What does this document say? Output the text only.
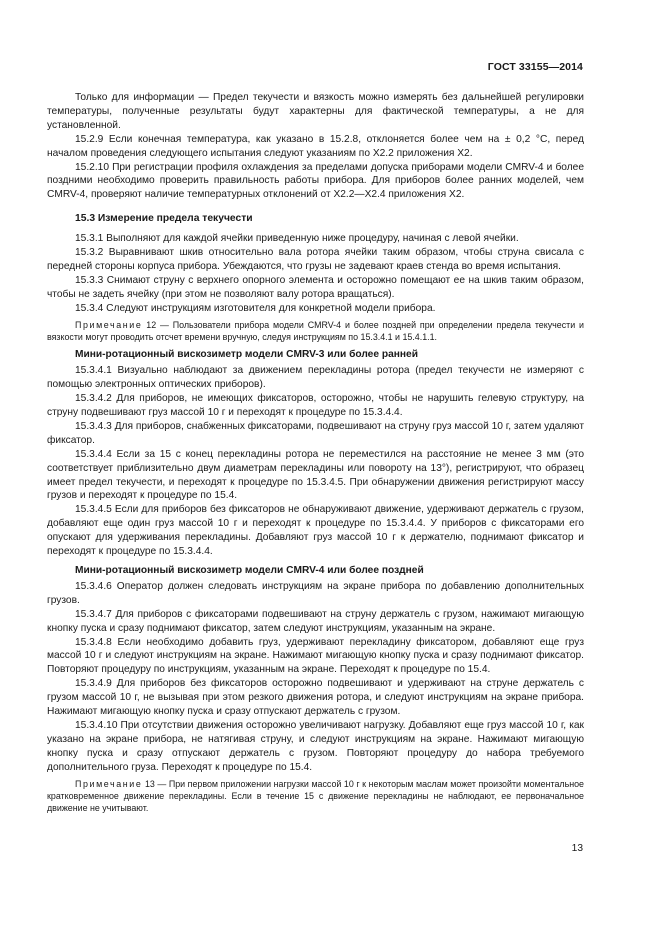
ГОСТ 33155—2014

Только для информации — Предел текучести и вязкость можно измерять без дальнейшей регулировки температуры, полученные результаты будут характерны для фактической температуры, а не для установленной.

15.2.9 Если конечная температура, как указано в 15.2.8, отклоняется более чем на ± 0,2 °С, перед началом проведения следующего испытания следуют указаниям по Х2.2 приложения Х2.

15.2.10 При регистрации профиля охлаждения за пределами допуска приборами модели CMRV-4 и более поздними необходимо проверить правильность работы прибора. Для приборов более ранних моделей, чем CMRV-4, проверяют наличие температурных отклонений от Х2.2—Х2.4 приложения Х2.

15.3 Измерение предела текучести

15.3.1 Выполняют для каждой ячейки приведенную ниже процедуру, начиная с левой ячейки.

15.3.2 Выравнивают шкив относительно вала ротора ячейки таким образом, чтобы струна свисала с передней стороны корпуса прибора. Убеждаются, что грузы не задевают краев стенда во время испытания.

15.3.3 Снимают струну с верхнего опорного элемента и осторожно помещают ее на шкив таким образом, чтобы не задеть ячейку (при этом не позволяют валу ротора вращаться).

15.3.4 Следуют инструкциям изготовителя для конкретной модели прибора.

Примечание 12 — Пользователи прибора модели CMRV-4 и более поздней при определении предела текучести и вязкости могут проводить отсчет времени вручную, следуя инструкциям по 15.3.4.1 и 15.4.1.1.

Мини-ротационный вискозиметр модели CMRV-3 или более ранней

15.3.4.1 Визуально наблюдают за движением перекладины ротора (предел текучести не измеряют с помощью электронных оптических приборов).

15.3.4.2 Для приборов, не имеющих фиксаторов, осторожно, чтобы не нарушить гелевую структуру, на струну подвешивают груз массой 10 г и переходят к процедуре по 15.3.4.4.

15.3.4.3 Для приборов, снабженных фиксаторами, подвешивают на струну груз массой 10 г, затем удаляют фиксатор.

15.3.4.4 Если за 15 с конец перекладины ротора не переместился на расстояние не менее 3 мм (это соответствует приблизительно двум диаметрам перекладины или повороту на 13°), регистрируют, что образец имеет предел текучести, и переходят к процедуре по 15.3.4.5. При обнаружении движения регистрируют массу грузов и переходят к процедуре по 15.4.

15.3.4.5 Если для приборов без фиксаторов не обнаруживают движение, удерживают держатель с грузом, добавляют еще один груз массой 10 г и переходят к процедуре по 15.3.4.4. У приборов с фиксаторами его опускают для удерживания перекладины. Добавляют груз массой 10 г к держателю, поднимают фиксатор и переходят к процедуре по 15.3.4.4.

Мини-ротационный вискозиметр модели CMRV-4 или более поздней

15.3.4.6 Оператор должен следовать инструкциям на экране прибора по добавлению дополнительных грузов.

15.3.4.7 Для приборов с фиксаторами подвешивают на струну держатель с грузом, нажимают мигающую кнопку пуска и сразу поднимают фиксатор, затем следуют инструкциям, указанным на экране.

15.3.4.8 Если необходимо добавить груз, удерживают перекладину фиксатором, добавляют еще груз массой 10 г и следуют инструкциям на экране. Нажимают мигающую кнопку пуска и сразу поднимают фиксатор. Повторяют процедуру по инструкциям, указанным на экране. Переходят к процедуре по 15.4.

15.3.4.9 Для приборов без фиксаторов осторожно подвешивают и удерживают на струне держатель с грузом массой 10 г, не вызывая при этом резкого движения ротора, и следуют инструкциям на экране прибора. Нажимают мигающую кнопку пуска и сразу отпускают держатель с грузом.

15.3.4.10 При отсутствии движения осторожно увеличивают нагрузку. Добавляют еще груз массой 10 г, как указано на экране прибора, не натягивая струну, и следуют инструкциям на экране. Нажимают мигающую кнопку пуска и сразу отпускают держатель с грузом. Повторяют процедуру до набора требуемого дополнительного груза. Переходят к процедуре по 15.4.

Примечание 13 — При первом приложении нагрузки массой 10 г к некоторым маслам может произойти моментальное кратковременное движение перекладины. Если в течение 15 с движение перекладины не наблюдают, ее первоначальное движение не учитывают.

13
